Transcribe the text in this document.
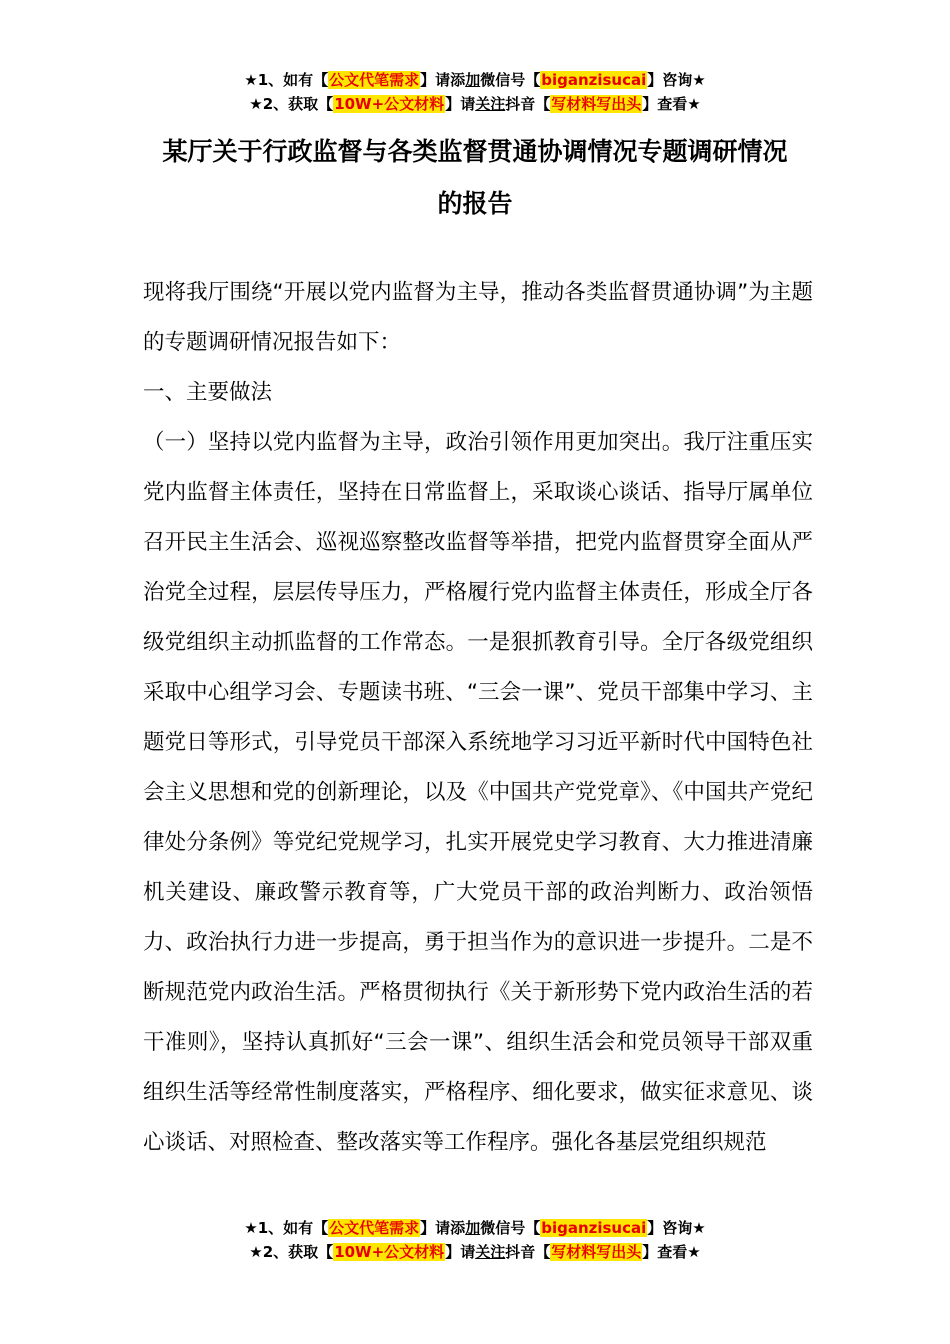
★1、如有【公文代笔需求】请添加微信号【biganzisucai】咨询★
★2、获取【10W+公文材料】请关注抖音【写材料写出头】查看★
某厅关于行政监督与各类监督贯通协调情况专题调研情况
的报告

现将我厅围绕“开展以党内监督为主导，推动各类监督贯通协调”为主题的专题调研情况报告如下：

一、主要做法

（一）坚持以党内监督为主导，政治引领作用更加突出。我厅注重压实党内监督主体责任，坚持在日常监督上，采取谈心谈话、指导厅属单位召开民主生活会、巡视巡察整改监督等举措，把党内监督贯穿全面从严治党全过程，层层传导压力，严格履行党内监督主体责任，形成全厅各级党组织主动抓监督的工作常态。一是狠抓教育引导。全厅各级党组织采取中心组学习会、专题读书班、“三会一课”、党员干部集中学习、主题党日等形式，引导党员干部深入系统地学习习近平新时代中国特色社会主义思想和党的创新理论，以及《中国共产党党章》、《中国共产党纪律处分条例》等党纪党规学习，扎实开展党史学习教育、大力推进清廉机关建设、廉政警示教育等，广大党员干部的政治判断力、政治领悟力、政治执行力进一步提高，勇于担当作为的意识进一步提升。二是不断规范党内政治生活。严格贯彻执行《关于新形势下党内政治生活的若干准则》，坚持认真抓好“三会一课”、组织生活会和党员领导干部双重组织生活等经常性制度落实，严格程序、细化要求，做实征求意见、谈心谈话、对照检查、整改落实等工作程序。强化各基层党组织规范

★1、如有【公文代笔需求】请添加微信号【biganzisucai】咨询★
★2、获取【10W+公文材料】请关注抖音【写材料写出头】查看★
